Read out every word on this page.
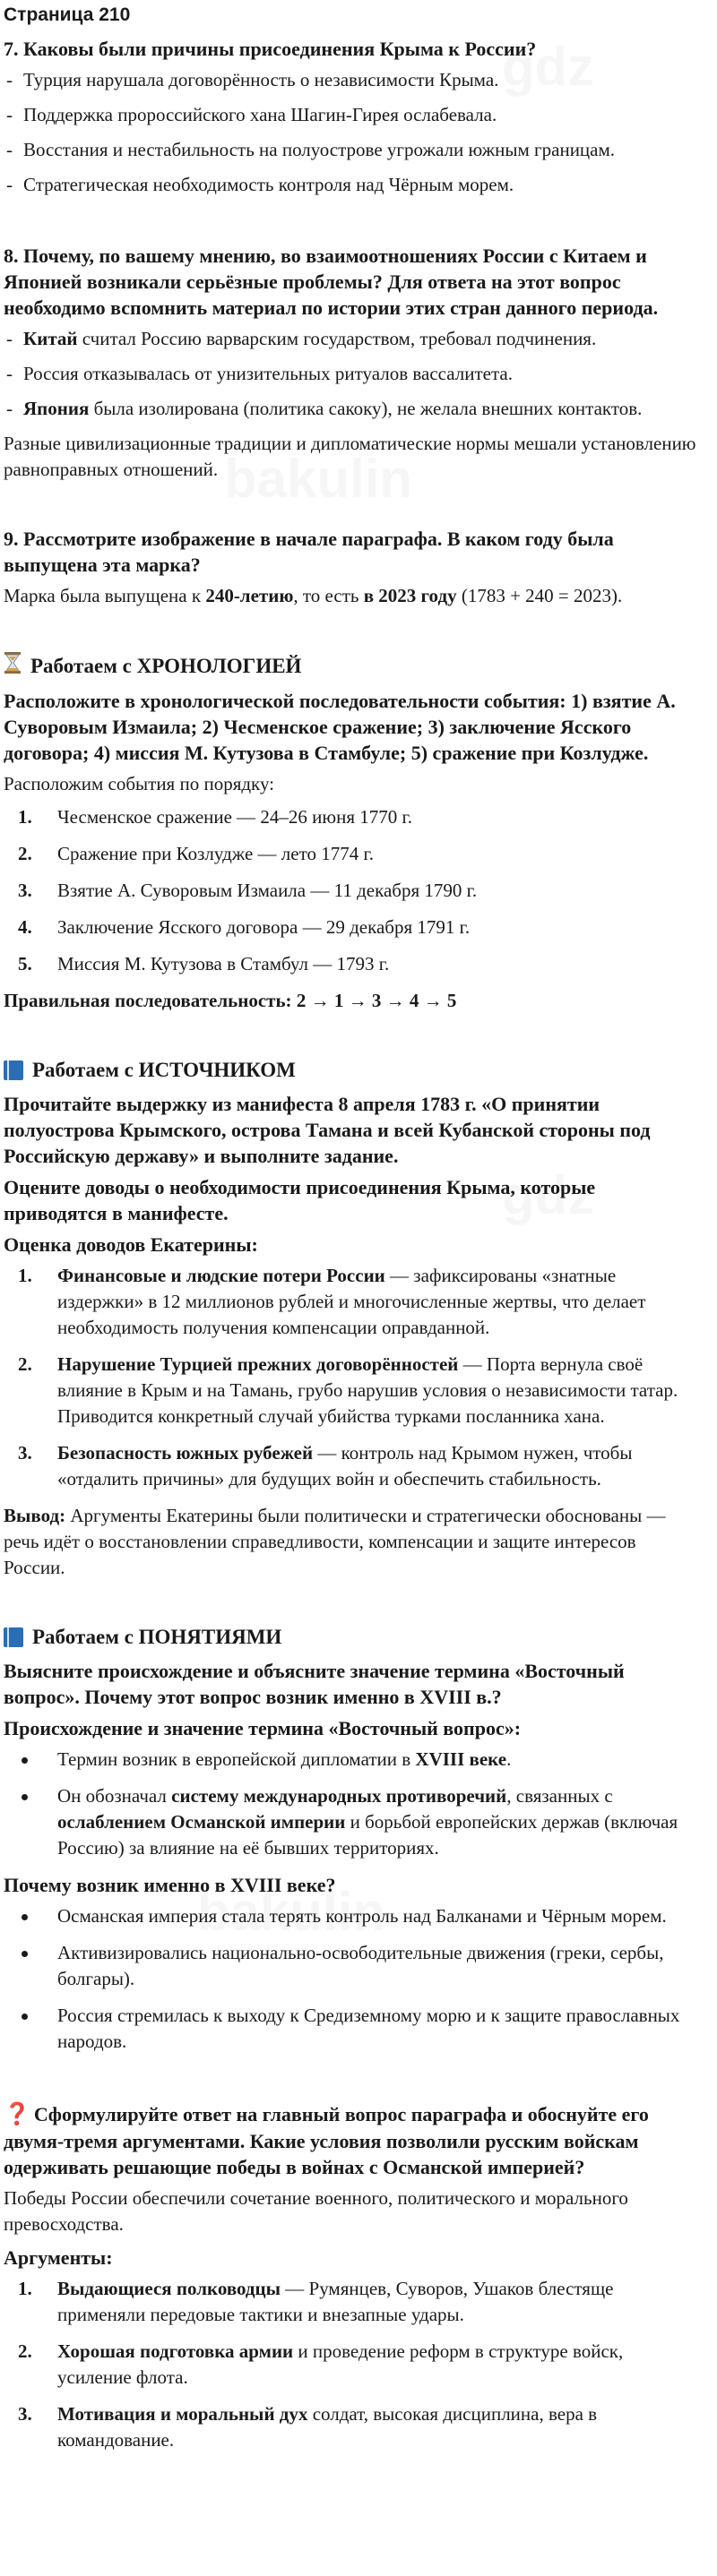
Страница 210
7. Каковы были причины присоединения Крыма к России?
- Турция нарушала договорённость о независимости Крыма.
- Поддержка пророссийского хана Шагин-Гирея ослабевала.
- Восстания и нестабильность на полуострове угрожали южным границам.
- Стратегическая необходимость контроля над Чёрным морем.
8. Почему, по вашему мнению, во взаимоотношениях России с Китаем и Японией возникали серьёзные проблемы? Для ответа на этот вопрос необходимо вспомнить материал по истории этих стран данного периода.
- Китай считал Россию варварским государством, требовал подчинения.
- Россия отказывалась от унизительных ритуалов вассалитета.
- Япония была изолирована (политика сакоку), не желала внешних контактов.
Разные цивилизационные традиции и дипломатические нормы мешали установлению равноправных отношений.
9. Рассмотрите изображение в начале параграфа. В каком году была выпущена эта марка?
Марка была выпущена к 240-летию, то есть в 2023 году (1783 + 240 = 2023).
Работаем с ХРОНОЛОГИЕЙ
Расположите в хронологической последовательности события: 1) взятие А. Суворовым Измаила; 2) Чесменское сражение; 3) заключение Ясского договора; 4) миссия М. Кутузова в Стамбуле; 5) сражение при Козлудже.
Расположим события по порядку:
1. Чесменское сражение — 24–26 июня 1770 г.
2. Сражение при Козлудже — лето 1774 г.
3. Взятие А. Суворовым Измаила — 11 декабря 1790 г.
4. Заключение Ясского договора — 29 декабря 1791 г.
5. Миссия М. Кутузова в Стамбул — 1793 г.
Правильная последовательность: 2 → 1 → 3 → 4 → 5
Работаем с ИСТОЧНИКОМ
Прочитайте выдержку из манифеста 8 апреля 1783 г. «О принятии полуострова Крымского, острова Тамана и всей Кубанской стороны под Российскую державу» и выполните задание.
Оцените доводы о необходимости присоединения Крыма, которые приводятся в манифесте.
Оценка доводов Екатерины:
1. Финансовые и людские потери России — зафиксированы «знатные издержки» в 12 миллионов рублей и многочисленные жертвы, что делает необходимость получения компенсации оправданной.
2. Нарушение Турцией прежних договорённостей — Порта вернула своё влияние в Крым и на Тамань, грубо нарушив условия о независимости татар. Приводится конкретный случай убийства турками посланника хана.
3. Безопасность южных рубежей — контроль над Крымом нужен, чтобы «отдалить причины» для будущих войн и обеспечить стабильность.
Вывод: Аргументы Екатерины были политически и стратегически обоснованы — речь идёт о восстановлении справедливости, компенсации и защите интересов России.
Работаем с ПОНЯТИЯМИ
Выясните происхождение и объясните значение термина «Восточный вопрос». Почему этот вопрос возник именно в XVIII в.?
Происхождение и значение термина «Восточный вопрос»:
Термин возник в европейской дипломатии в XVIII веке.
Он обозначал систему международных противоречий, связанных с ослаблением Османской империи и борьбой европейских держав (включая Россию) за влияние на её бывших территориях.
Почему возник именно в XVIII веке?
Османская империя стала терять контроль над Балканами и Чёрным морем.
Активизировались национально-освободительные движения (греки, сербы, болгары).
Россия стремилась к выходу к Средиземному морю и к защите православных народов.
❓ Сформулируйте ответ на главный вопрос параграфа и обоснуйте его двумя-тремя аргументами. Какие условия позволили русским войскам одерживать решающие победы в войнах с Османской империей?
Победы России обеспечили сочетание военного, политического и морального превосходства.
Аргументы:
1. Выдающиеся полководцы — Румянцев, Суворов, Ушаков блестяще применяли передовые тактики и внезапные удары.
2. Хорошая подготовка армии и проведение реформ в структуре войск, усиление флота.
3. Мотивация и моральный дух солдат, высокая дисциплина, вера в командование.
